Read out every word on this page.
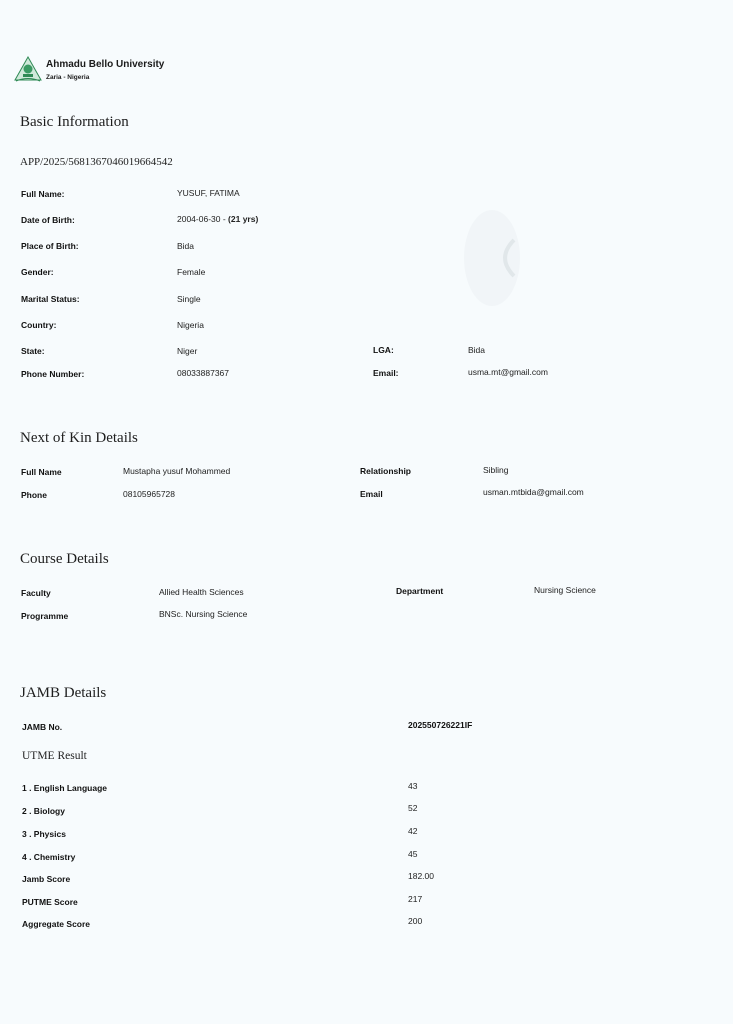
Ahmadu Bello University
Zaria - Nigeria
Basic Information
APP/2025/5681367046019664542
Full Name:	YUSUF, FATIMA
Date of Birth:	2004-06-30 - (21 yrs)
Place of Birth:	Bida
Gender:	Female
Marital Status:	Single
Country:	Nigeria
State:	Niger	LGA:	Bida
Phone Number:	08033887367	Email:	usma.mt@gmail.com
Next of Kin Details
Full Name	Mustapha yusuf Mohammed	Relationship	Sibling
Phone	08105965728	Email	usman.mtbida@gmail.com
Course Details
Faculty	Allied Health Sciences	Department	Nursing Science
Programme	BNSc. Nursing Science
JAMB Details
JAMB No.	202550726221IF
UTME Result
1 . English Language	43
2 . Biology	52
3 . Physics	42
4 . Chemistry	45
Jamb Score	182.00
PUTME Score	217
Aggregate Score	200
